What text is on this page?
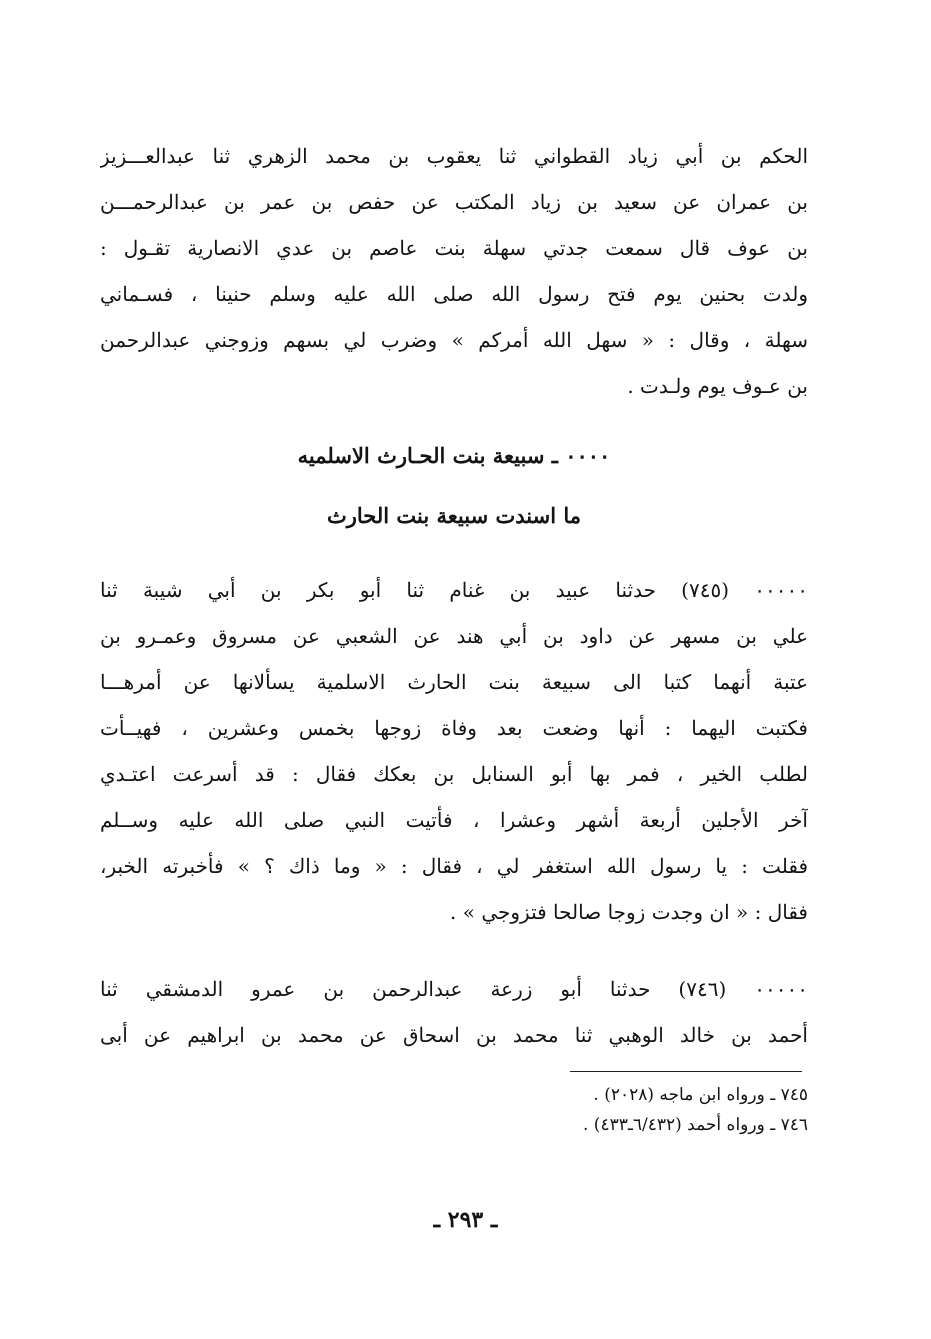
الحكم بن أبي زياد القطواني ثنا يعقوب بن محمد الزهري ثنا عبدالعـــزيز
بن عمران عن سعيد بن زياد المكتب عن حفص بن عمر بن عبدالرحمـــن
بن عوف قال سمعت جدتي سهلة بنت عاصم بن عدي الانصارية تقـول :
ولدت بحنين يوم فتح رسول الله صلى الله عليه وسلم حنينا ، فسـماني
سهلة ، وقال : « سهل الله أمركم » وضرب لي بسهم وزوجني عبدالرحمن
بن عـوف يوم ولـدت .
٠٠٠٠ ـ سبيعة بنت الحـارث الاسلميه
ما اسندت سبيعة بنت الحارث
٠٠٠٠٠ (٧٤٥) حدثنا عبيد بن غنام ثنا أبو بكر بن أبي شيبة ثنا
علي بن مسهر عن داود بن أبي هند عن الشعبي عن مسروق وعمـرو بن
عتبة أنهما كتبا الى سبيعة بنت الحارث الاسلمية يسألانها عن أمرهـــا
فكتبت اليهما : أنها وضعت بعد وفاة زوجها بخمس وعشرين ، فهيــأت
لطلب الخير ، فمر بها أبو السنابل بن بعكك فقال : قد أسرعت اعتـدي
آخر الأجلين أربعة أشهر وعشرا ، فأتيت النبي صلى الله عليه وســلم
فقلت : يا رسول الله استغفر لي ، فقال : « وما ذاك ؟ » فأخبرته الخبر،
فقال : « ان وجدت زوجا صالحا فتزوجي » .
٠٠٠٠٠ (٧٤٦) حدثنا أبو زرعة عبدالرحمن بن عمرو الدمشقي ثنا
أحمد بن خالد الوهبي ثنا محمد بن اسحاق عن محمد بن ابراهيم عن أبى
٧٤٥ ـ ورواه ابن ماجه (٢٠٢٨) .
٧٤٦ ـ ورواه أحمد (٦/٤٣٢ـ٤٣٣) .
ـ ٢٩٣ ـ
